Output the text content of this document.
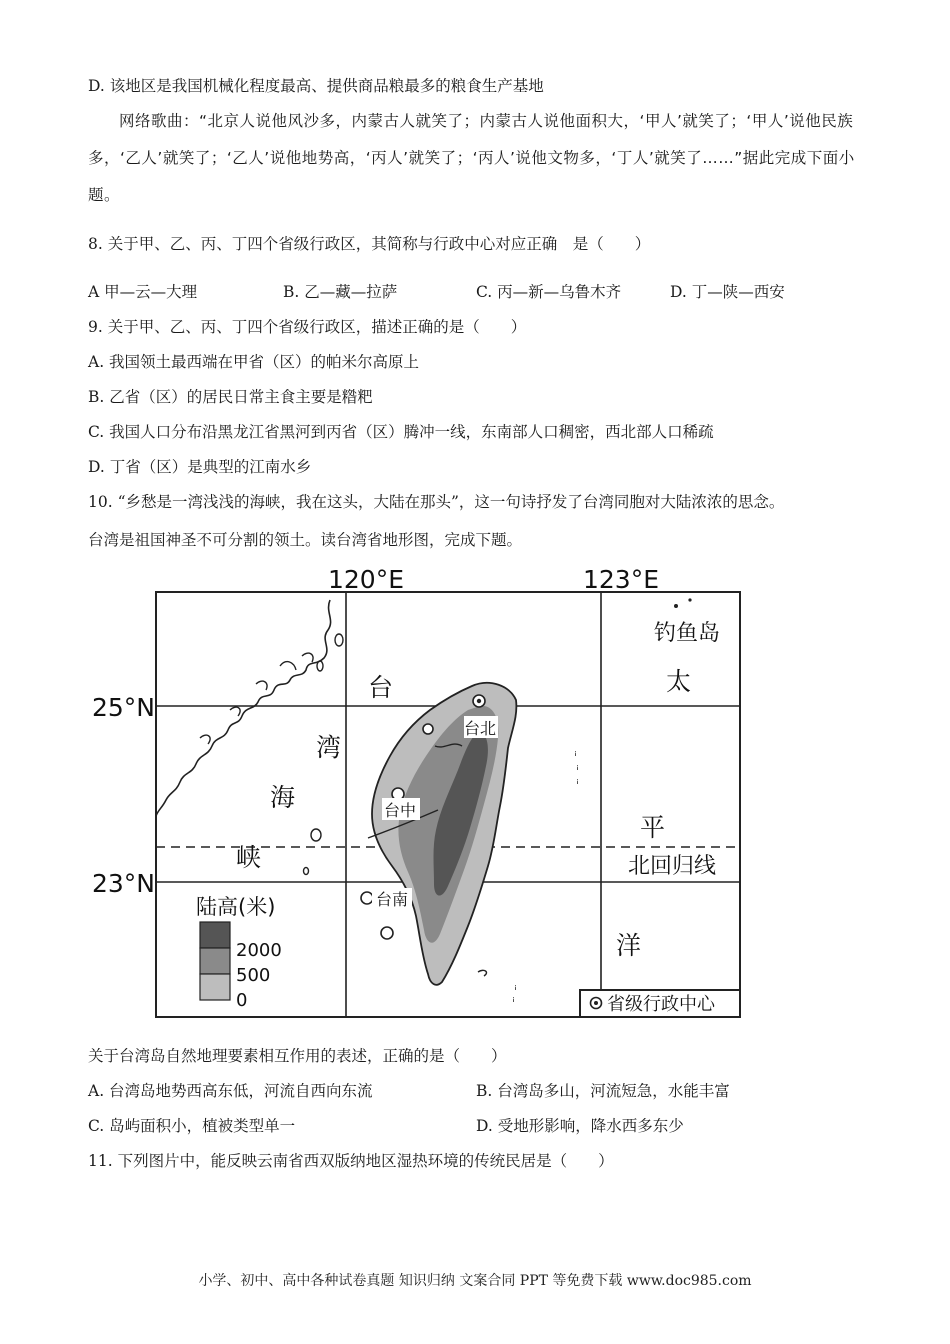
D. 该地区是我国机械化程度最高、提供商品粮最多的粮食生产基地
网络歌曲：“北京人说他风沙多，内蒙古人就笑了；内蒙古人说他面积大，‘甲人’就笑了；‘甲人’说他民族多，‘乙人’就笑了；‘乙人’说他地势高，‘丙人’就笑了；‘丙人’说他文物多，‘丁人’就笑了……”据此完成下面小题。
8. 关于甲、乙、丙、丁四个省级行政区，其简称与行政中心对应正确　是（　　）
A 甲—云—大理	B. 乙—藏—拉萨	C. 丙—新—乌鲁木齐	D. 丁—陕—西安
9. 关于甲、乙、丙、丁四个省级行政区，描述正确的是（　　）
A. 我国领土最西端在甲省（区）的帕米尔高原上
B. 乙省（区）的居民日常主食主要是糌粑
C. 我国人口分布沿黑龙江省黑河到丙省（区）腾冲一线，东南部人口稠密，西北部人口稀疏
D. 丁省（区）是典型的江南水乡
10. “乡愁是一湾浅浅的海峡，我在这头，大陆在那头”，这一句诗抒发了台湾同胞对大陆浓浓的思念。
台湾是祖国神圣不可分割的领土。读台湾省地形图，完成下题。
台北
台中
台南
120°E	123°E
25°N
23°N
台
湾
海
峡
太
平
洋
钓鱼岛
北回归线
ꜟ
ꜟ
ꜟ
ꜟ
ꜟ
陆高(米)
2000
500
0	省级行政中心
关于台湾岛自然地理要素相互作用的表述，正确的是（　　）
A. 台湾岛地势西高东低，河流自西向东流	B. 台湾岛多山，河流短急，水能丰富
C. 岛屿面积小，植被类型单一	D. 受地形影响，降水西多东少
11. 下列图片中，能反映云南省西双版纳地区湿热环境的传统民居是（　　）
小学、初中、高中各种试卷真题 知识归纳 文案合同 PPT 等免费下载 www.doc985.com
